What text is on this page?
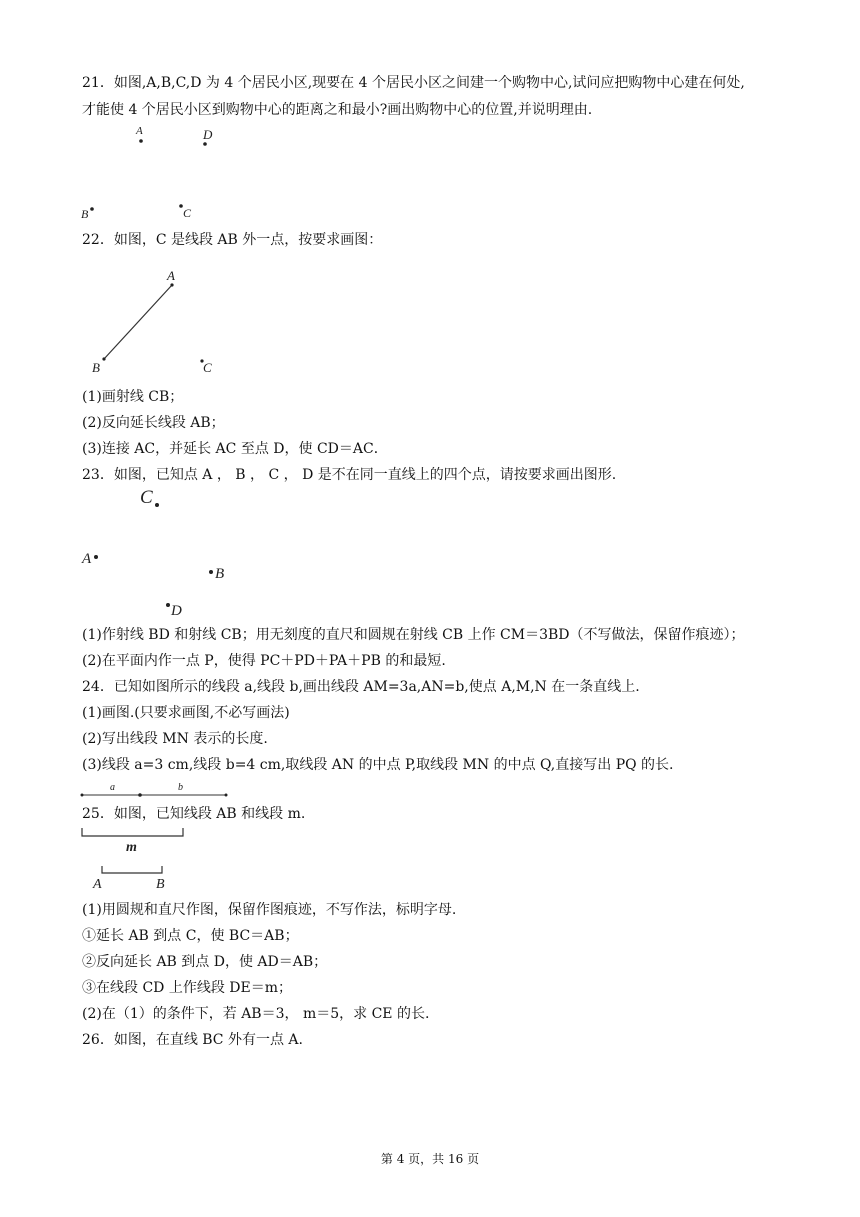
21．如图,A,B,C,D 为 4 个居民小区,现要在 4 个居民小区之间建一个购物中心,试问应把购物中心建在何处,
才能使 4 个居民小区到购物中心的距离之和最小?画出购物中心的位置,并说明理由.
A	D
B	C
A
B	C
C
A
B
D
a	b
m
A	B
22．如图，C 是线段 AB 外一点，按要求画图：
(1)画射线 CB；
(2)反向延长线段 AB；
(3)连接 AC，并延长 AC 至点 D，使 CD＝AC．
23．如图，已知点 A ， B ， C ， D 是不在同一直线上的四个点，请按要求画出图形.
(1)作射线 BD 和射线 CB；用无刻度的直尺和圆规在射线 CB 上作 CM＝3BD（不写做法，保留作痕迹）；
(2)在平面内作一点 P，使得 PC＋PD＋PA＋PB 的和最短.
24．已知如图所示的线段 a,线段 b,画出线段 AM=3a,AN=b,使点 A,M,N 在一条直线上.
(1)画图.(只要求画图,不必写画法)
(2)写出线段 MN 表示的长度.
(3)线段 a=3 cm,线段 b=4 cm,取线段 AN 的中点 P,取线段 MN 的中点 Q,直接写出 PQ 的长.
25．如图，已知线段 AB 和线段 m.
(1)用圆规和直尺作图，保留作图痕迹，不写作法，标明字母.
①延长 AB 到点 C，使 BC＝AB；
②反向延长 AB 到点 D，使 AD＝AB；
③在线段 CD 上作线段 DE＝m；
(2)在（1）的条件下，若 AB＝3， m＝5，求 CE 的长.
26．如图，在直线 BC 外有一点 A.
第 4 页，共 16 页
